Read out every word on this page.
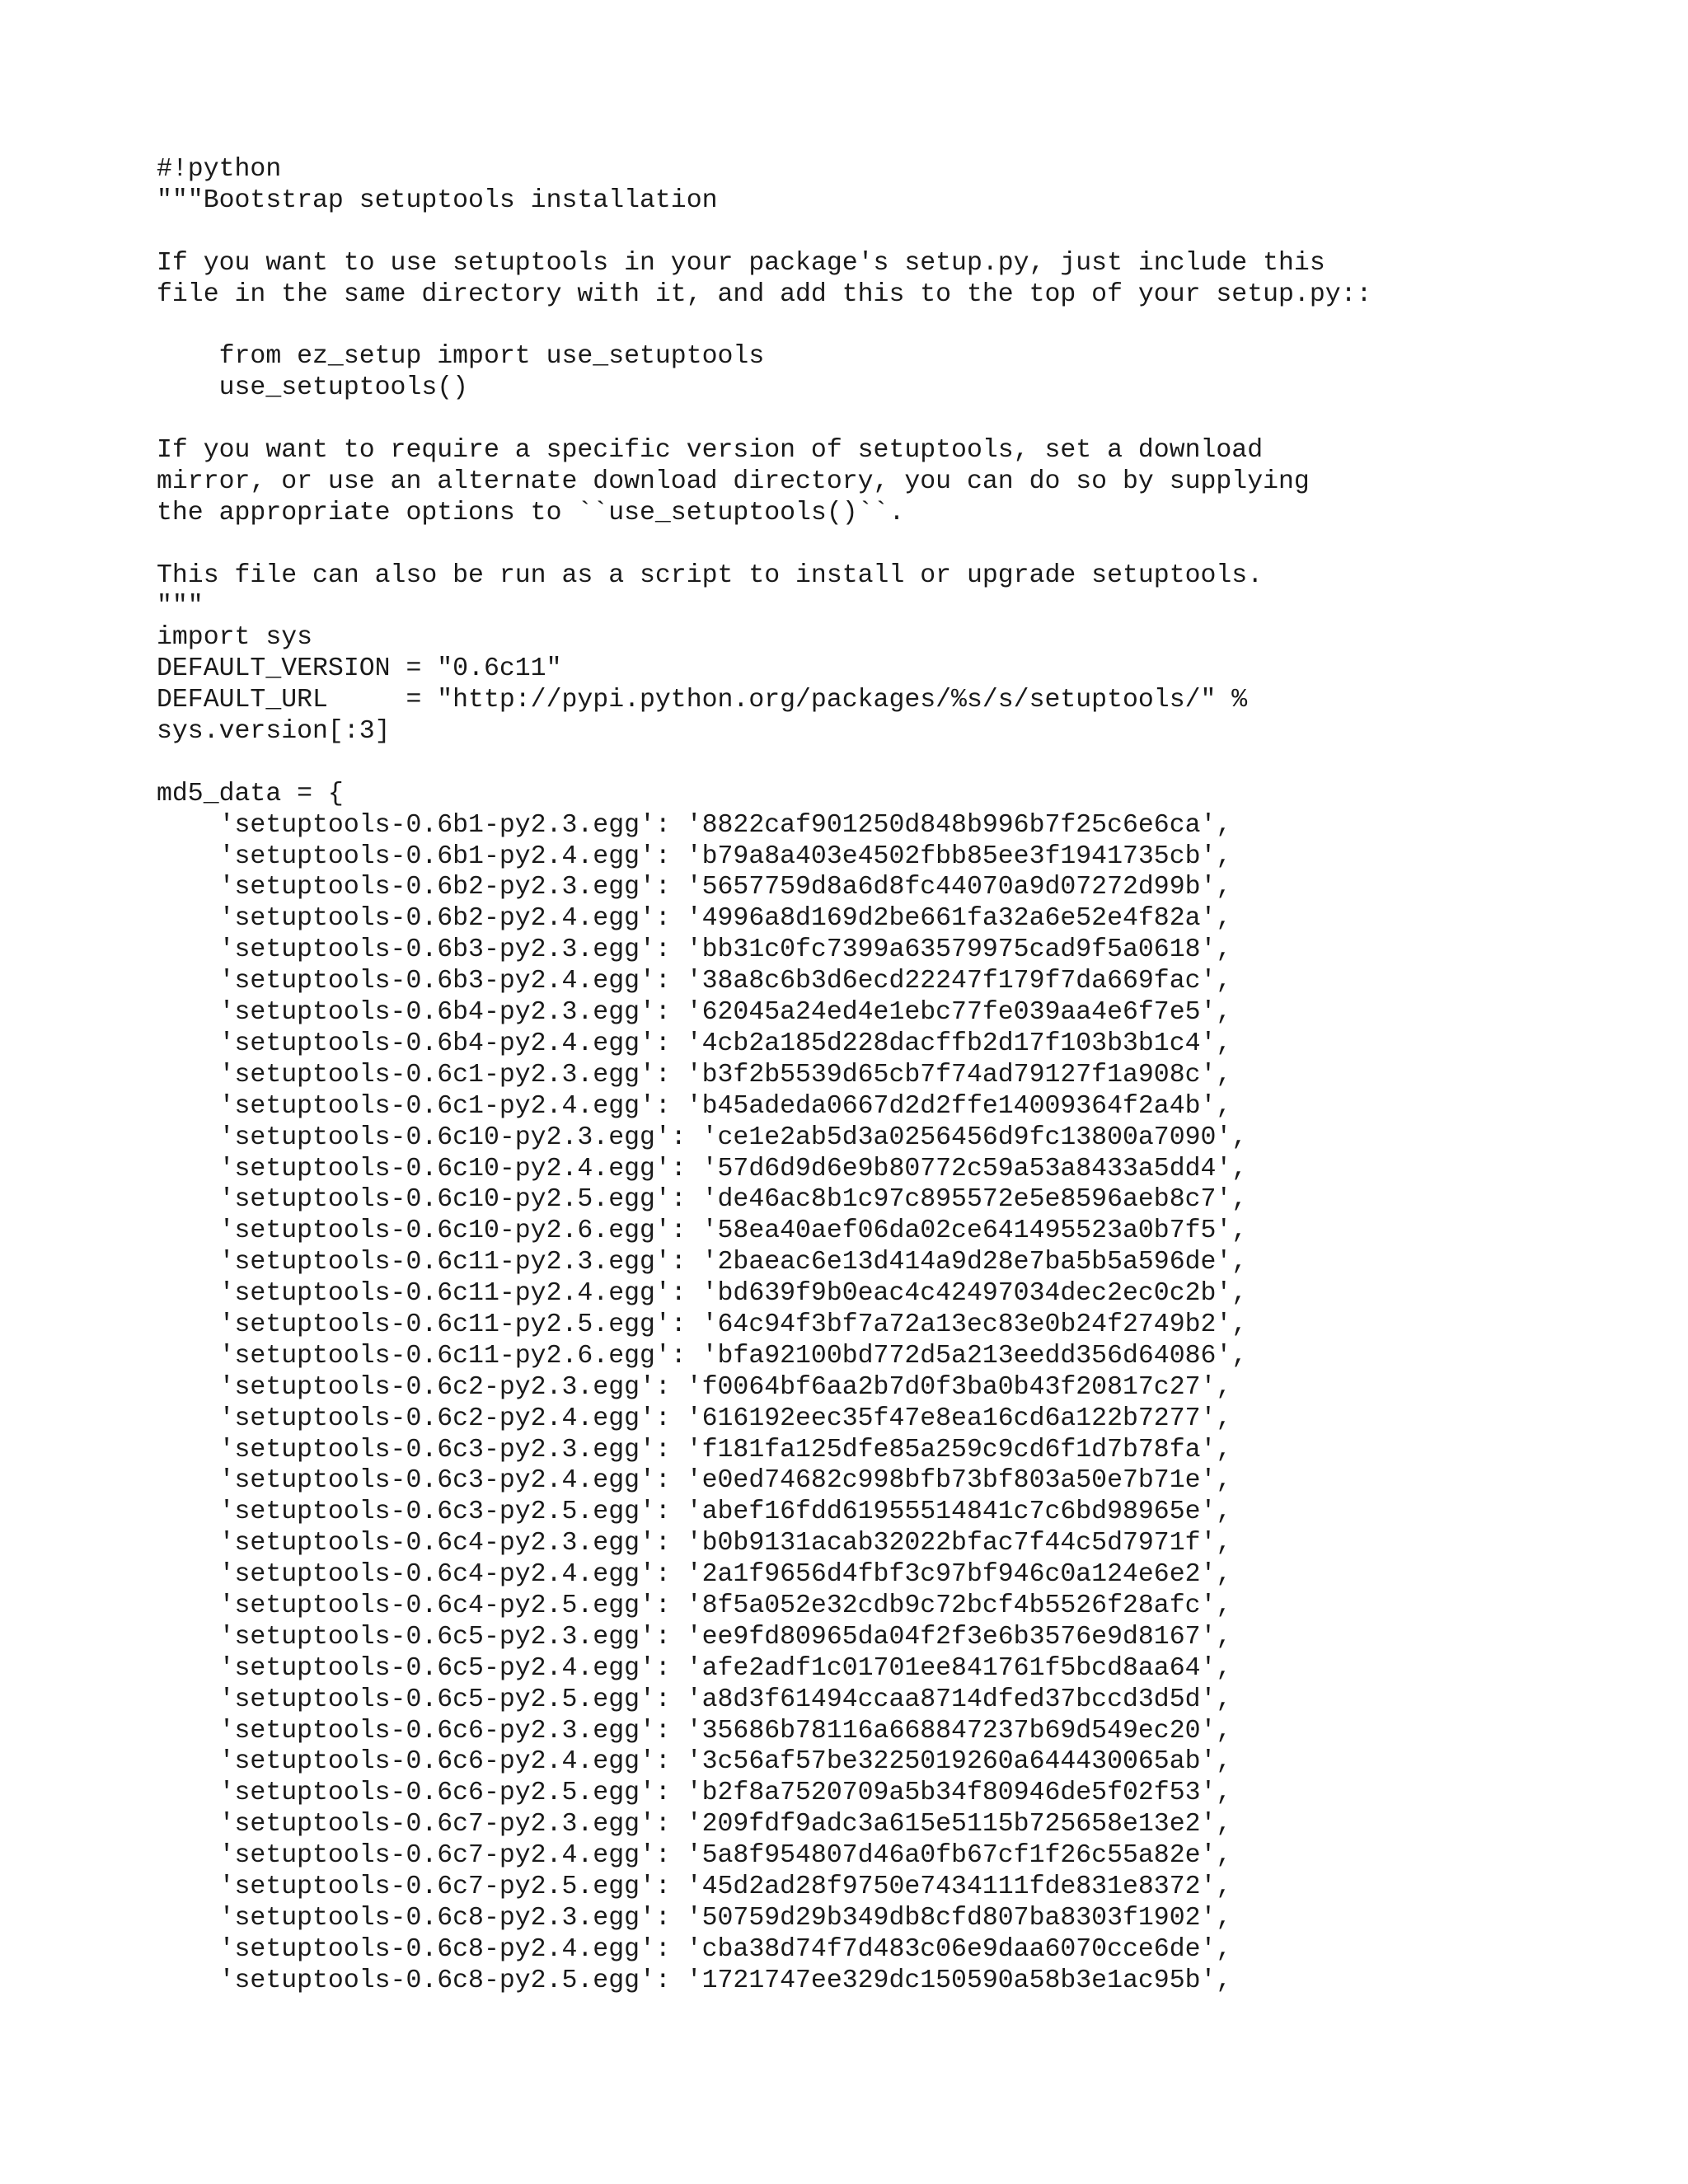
#!python
"""Bootstrap setuptools installation

If you want to use setuptools in your package's setup.py, just include this
file in the same directory with it, and add this to the top of your setup.py::

from ez_setup import use_setuptools
use_setuptools()

If you want to require a specific version of setuptools, set a download
mirror, or use an alternate download directory, you can do so by supplying
the appropriate options to ``use_setuptools()``.

This file can also be run as a script to install or upgrade setuptools.
"""
import sys
DEFAULT_VERSION = "0.6c11"
DEFAULT_URL     = "http://pypi.python.org/packages/%s/s/setuptools/" %
sys.version[:3]

md5_data = {
'setuptools-0.6b1-py2.3.egg': '8822caf901250d848b996b7f25c6e6ca',
'setuptools-0.6b1-py2.4.egg': 'b79a8a403e4502fbb85ee3f1941735cb',
'setuptools-0.6b2-py2.3.egg': '5657759d8a6d8fc44070a9d07272d99b',
'setuptools-0.6b2-py2.4.egg': '4996a8d169d2be661fa32a6e52e4f82a',
'setuptools-0.6b3-py2.3.egg': 'bb31c0fc7399a63579975cad9f5a0618',
'setuptools-0.6b3-py2.4.egg': '38a8c6b3d6ecd22247f179f7da669fac',
'setuptools-0.6b4-py2.3.egg': '62045a24ed4e1ebc77fe039aa4e6f7e5',
'setuptools-0.6b4-py2.4.egg': '4cb2a185d228dacffb2d17f103b3b1c4',
'setuptools-0.6c1-py2.3.egg': 'b3f2b5539d65cb7f74ad79127f1a908c',
'setuptools-0.6c1-py2.4.egg': 'b45adeda0667d2d2ffe14009364f2a4b',
'setuptools-0.6c10-py2.3.egg': 'ce1e2ab5d3a0256456d9fc13800a7090',
'setuptools-0.6c10-py2.4.egg': '57d6d9d6e9b80772c59a53a8433a5dd4',
'setuptools-0.6c10-py2.5.egg': 'de46ac8b1c97c895572e5e8596aeb8c7',
'setuptools-0.6c10-py2.6.egg': '58ea40aef06da02ce641495523a0b7f5',
'setuptools-0.6c11-py2.3.egg': '2baeac6e13d414a9d28e7ba5b5a596de',
'setuptools-0.6c11-py2.4.egg': 'bd639f9b0eac4c42497034dec2ec0c2b',
'setuptools-0.6c11-py2.5.egg': '64c94f3bf7a72a13ec83e0b24f2749b2',
'setuptools-0.6c11-py2.6.egg': 'bfa92100bd772d5a213eedd356d64086',
'setuptools-0.6c2-py2.3.egg': 'f0064bf6aa2b7d0f3ba0b43f20817c27',
'setuptools-0.6c2-py2.4.egg': '616192eec35f47e8ea16cd6a122b7277',
'setuptools-0.6c3-py2.3.egg': 'f181fa125dfe85a259c9cd6f1d7b78fa',
'setuptools-0.6c3-py2.4.egg': 'e0ed74682c998bfb73bf803a50e7b71e',
'setuptools-0.6c3-py2.5.egg': 'abef16fdd61955514841c7c6bd98965e',
'setuptools-0.6c4-py2.3.egg': 'b0b9131acab32022bfac7f44c5d7971f',
'setuptools-0.6c4-py2.4.egg': '2a1f9656d4fbf3c97bf946c0a124e6e2',
'setuptools-0.6c4-py2.5.egg': '8f5a052e32cdb9c72bcf4b5526f28afc',
'setuptools-0.6c5-py2.3.egg': 'ee9fd80965da04f2f3e6b3576e9d8167',
'setuptools-0.6c5-py2.4.egg': 'afe2adf1c01701ee841761f5bcd8aa64',
'setuptools-0.6c5-py2.5.egg': 'a8d3f61494ccaa8714dfed37bccd3d5d',
'setuptools-0.6c6-py2.3.egg': '35686b78116a668847237b69d549ec20',
'setuptools-0.6c6-py2.4.egg': '3c56af57be3225019260a644430065ab',
'setuptools-0.6c6-py2.5.egg': 'b2f8a7520709a5b34f80946de5f02f53',
'setuptools-0.6c7-py2.3.egg': '209fdf9adc3a615e5115b725658e13e2',
'setuptools-0.6c7-py2.4.egg': '5a8f954807d46a0fb67cf1f26c55a82e',
'setuptools-0.6c7-py2.5.egg': '45d2ad28f9750e7434111fde831e8372',
'setuptools-0.6c8-py2.3.egg': '50759d29b349db8cfd807ba8303f1902',
'setuptools-0.6c8-py2.4.egg': 'cba38d74f7d483c06e9daa6070cce6de',
'setuptools-0.6c8-py2.5.egg': '1721747ee329dc150590a58b3e1ac95b',
